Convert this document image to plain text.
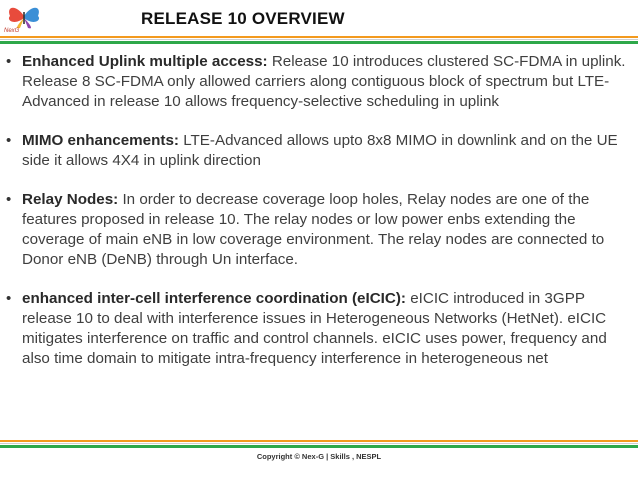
NexG
RELEASE 10 OVERVIEW
• Enhanced Uplink multiple access: Release 10 introduces clustered SC-FDMA in uplink. Release 8 SC-FDMA only allowed carriers along contiguous block of spectrum but LTE-Advanced in release 10 allows frequency-selective scheduling in uplink
• MIMO enhancements: LTE-Advanced allows upto 8x8 MIMO in downlink and on the UE side it allows 4X4 in uplink direction
• Relay Nodes: In order to decrease coverage loop holes, Relay nodes are one of the features proposed in release 10. The relay nodes or low power enbs extending the coverage of main eNB in low coverage environment. The relay nodes are connected to Donor eNB (DeNB) through Un interface.
• enhanced inter-cell interference coordination (eICIC): eICIC introduced in 3GPP release 10 to deal with interference issues in Heterogeneous Networks (HetNet). eICIC mitigates interference on traffic and control channels. eICIC uses power, frequency and also time domain to mitigate intra-frequency interference in heterogeneous net
Copyright © Nex-G | Skills , NESPL
